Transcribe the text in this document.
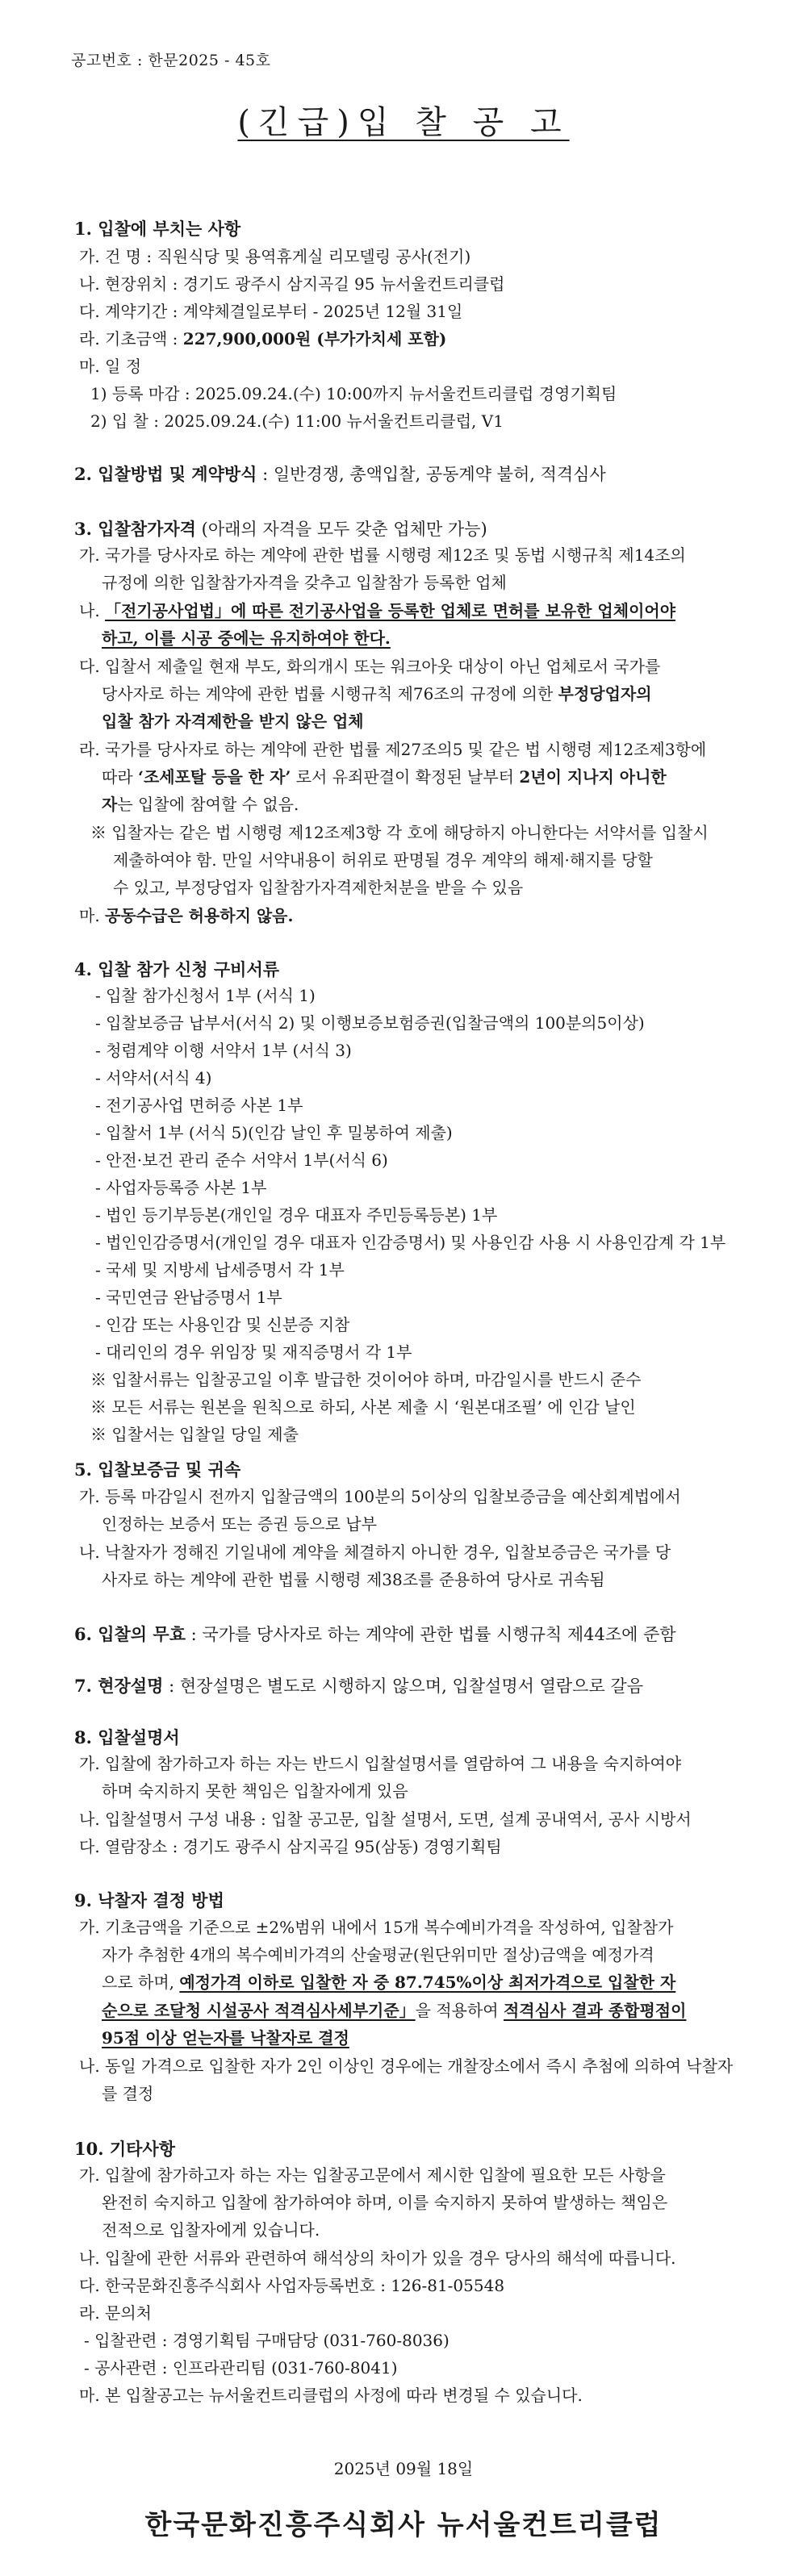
공고번호 : 한문2025 - 45호
(긴급)입 찰 공 고
1. 입찰에 부치는 사항
가. 건 명 : 직원식당 및 용역휴게실 리모델링 공사(전기)
나. 현장위치 : 경기도 광주시 삼지곡길 95 뉴서울컨트리클럽
다. 계약기간 : 계약체결일로부터 - 2025년 12월 31일
라. 기초금액 : 227,900,000원 (부가가치세 포함)
마. 일 정
1) 등록 마감 : 2025.09.24.(수) 10:00까지 뉴서울컨트리클럽 경영기획팀
2) 입 찰 : 2025.09.24.(수) 11:00 뉴서울컨트리클럽, V1
2. 입찰방법 및 계약방식 : 일반경쟁, 총액입찰, 공동계약 불허, 적격심사
3. 입찰참가자격 (아래의 자격을 모두 갖춘 업체만 가능)
가. 국가를 당사자로 하는 계약에 관한 법률 시행령 제12조 및 동법 시행규칙 제14조의
규정에 의한 입찰참가자격을 갖추고 입찰참가 등록한 업체
나. 「전기공사업법」에 따른 전기공사업을 등록한 업체로 면허를 보유한 업체이어야
하고, 이를 시공 중에는 유지하여야 한다.
다. 입찰서 제출일 현재 부도, 화의개시 또는 워크아웃 대상이 아닌 업체로서 국가를
당사자로 하는 계약에 관한 법률 시행규칙 제76조의 규정에 의한 부정당업자의
입찰 참가 자격제한을 받지 않은 업체
라. 국가를 당사자로 하는 계약에 관한 법률 제27조의5 및 같은 법 시행령 제12조제3항에
따라 ‘조세포탈 등을 한 자’ 로서 유죄판결이 확정된 날부터 2년이 지나지 아니한
자는 입찰에 참여할 수 없음.
※ 입찰자는 같은 법 시행령 제12조제3항 각 호에 해당하지 아니한다는 서약서를 입찰시
제출하여야 함. 만일 서약내용이 허위로 판명될 경우 계약의 해제·해지를 당할
수 있고, 부정당업자 입찰참가자격제한처분을 받을 수 있음
마. 공동수급은 허용하지 않음.
4. 입찰 참가 신청 구비서류
- 입찰 참가신청서 1부 (서식 1)
- 입찰보증금 납부서(서식 2) 및 이행보증보험증권(입찰금액의 100분의5이상)
- 청렴계약 이행 서약서 1부 (서식 3)
- 서약서(서식 4)
- 전기공사업 면허증 사본 1부
- 입찰서 1부 (서식 5)(인감 날인 후 밀봉하여 제출)
- 안전·보건 관리 준수 서약서 1부(서식 6)
- 사업자등록증 사본 1부
- 법인 등기부등본(개인일 경우 대표자 주민등록등본) 1부
- 법인인감증명서(개인일 경우 대표자 인감증명서) 및 사용인감 사용 시 사용인감계 각 1부
- 국세 및 지방세 납세증명서 각 1부
- 국민연금 완납증명서 1부
- 인감 또는 사용인감 및 신분증 지참
- 대리인의 경우 위임장 및 재직증명서 각 1부
※ 입찰서류는 입찰공고일 이후 발급한 것이어야 하며, 마감일시를 반드시 준수
※ 모든 서류는 원본을 원칙으로 하되, 사본 제출 시 ‘원본대조필’ 에 인감 날인
※ 입찰서는 입찰일 당일 제출
5. 입찰보증금 및 귀속
가. 등록 마감일시 전까지 입찰금액의 100분의 5이상의 입찰보증금을 예산회계법에서
인정하는 보증서 또는 증권 등으로 납부
나. 낙찰자가 정해진 기일내에 계약을 체결하지 아니한 경우, 입찰보증금은 국가를 당
사자로 하는 계약에 관한 법률 시행령 제38조를 준용하여 당사로 귀속됨
6. 입찰의 무효 : 국가를 당사자로 하는 계약에 관한 법률 시행규칙 제44조에 준함
7. 현장설명 : 현장설명은 별도로 시행하지 않으며, 입찰설명서 열람으로 갈음
8. 입찰설명서
가. 입찰에 참가하고자 하는 자는 반드시 입찰설명서를 열람하여 그 내용을 숙지하여야
하며 숙지하지 못한 책임은 입찰자에게 있음
나. 입찰설명서 구성 내용 : 입찰 공고문, 입찰 설명서, 도면, 설계 공내역서, 공사 시방서
다. 열람장소 : 경기도 광주시 삼지곡길 95(삼동) 경영기획팀
9. 낙찰자 결정 방법
가. 기초금액을 기준으로 ±2%범위 내에서 15개 복수예비가격을 작성하여, 입찰참가
자가 추첨한 4개의 복수예비가격의 산술평균(원단위미만 절상)금액을 예정가격
으로 하며, 예정가격 이하로 입찰한 자 중 87.745%이상 최저가격으로 입찰한 자
순으로 조달청 시설공사 적격심사세부기준」을 적용하여 적격심사 결과 종합평점이
95점 이상 얻는자를 낙찰자로 결정
나. 동일 가격으로 입찰한 자가 2인 이상인 경우에는 개찰장소에서 즉시 추첨에 의하여 낙찰자
를 결정
10. 기타사항
가. 입찰에 참가하고자 하는 자는 입찰공고문에서 제시한 입찰에 필요한 모든 사항을
완전히 숙지하고 입찰에 참가하여야 하며, 이를 숙지하지 못하여 발생하는 책임은
전적으로 입찰자에게 있습니다.
나. 입찰에 관한 서류와 관련하여 해석상의 차이가 있을 경우 당사의 해석에 따릅니다.
다. 한국문화진흥주식회사 사업자등록번호 : 126-81-05548
라. 문의처
- 입찰관련 : 경영기획팀 구매담당 (031-760-8036)
- 공사관련 : 인프라관리팀 (031-760-8041)
마. 본 입찰공고는 뉴서울컨트리클럽의 사정에 따라 변경될 수 있습니다.
2025년 09월 18일
한국문화진흥주식회사 뉴서울컨트리클럽
